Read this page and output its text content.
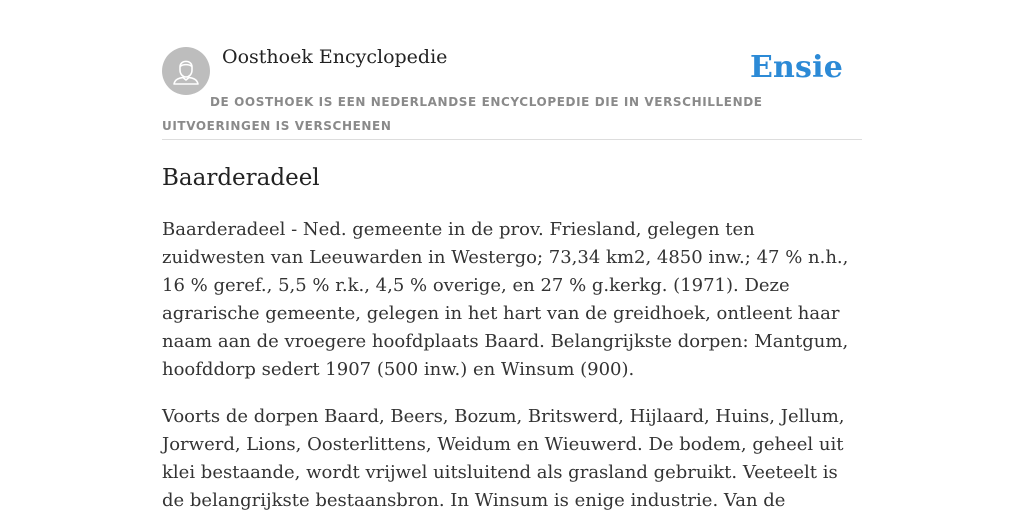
Oosthoek Encyclopedie	Ensie
DE OOSTHOEK IS EEN NEDERLANDSE ENCYCLOPEDIE DIE IN VERSCHILLENDE UITVOERINGEN IS VERSCHENEN
Baarderadeel

Baarderadeel - Ned. gemeente in de prov. Friesland, gelegen ten zuidwesten van Leeuwarden in Westergo; 73,34 km2, 4850 inw.; 47 % n.h., 16 % geref., 5,5 % r.k., 4,5 % overige, en 27 % g.kerkg. (1971). Deze agrarische gemeente, gelegen in het hart van de greidhoek, ontleent haar naam aan de vroegere hoofdplaats Baard. Belangrijkste dorpen: Mantgum, hoofddorp sedert 1907 (500 inw.) en Winsum (900).

Voorts de dorpen Baard, Beers, Bozum, Britswerd, Hijlaard, Huins, Jellum, Jorwerd, Lions, Oosterlittens, Weidum en Wieuwerd. De bodem, geheel uit klei bestaande, wordt vrijwel uitsluitend als grasland gebruikt. Veeteelt is de belangrijkste bestaansbron. In Winsum is enige industrie. Van de
